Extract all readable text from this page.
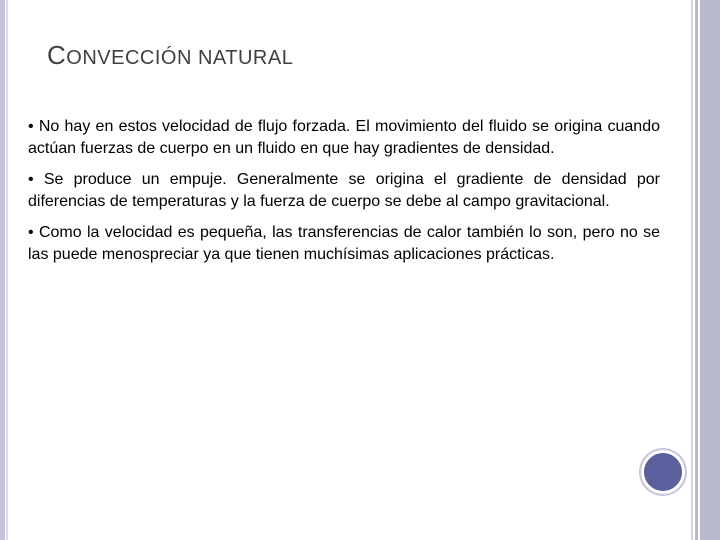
CONVECCIÓN NATURAL

• No hay en estos velocidad de flujo forzada. El movimiento del fluido se origina cuando actúan fuerzas de cuerpo en un fluido en que hay gradientes de densidad.

• Se produce un empuje. Generalmente se origina el gradiente de densidad por diferencias de temperaturas y la fuerza de cuerpo se debe al campo gravitacional.

• Como la velocidad es pequeña, las transferencias de calor también lo son, pero no se las puede menospreciar ya que tienen muchísimas aplicaciones prácticas.
